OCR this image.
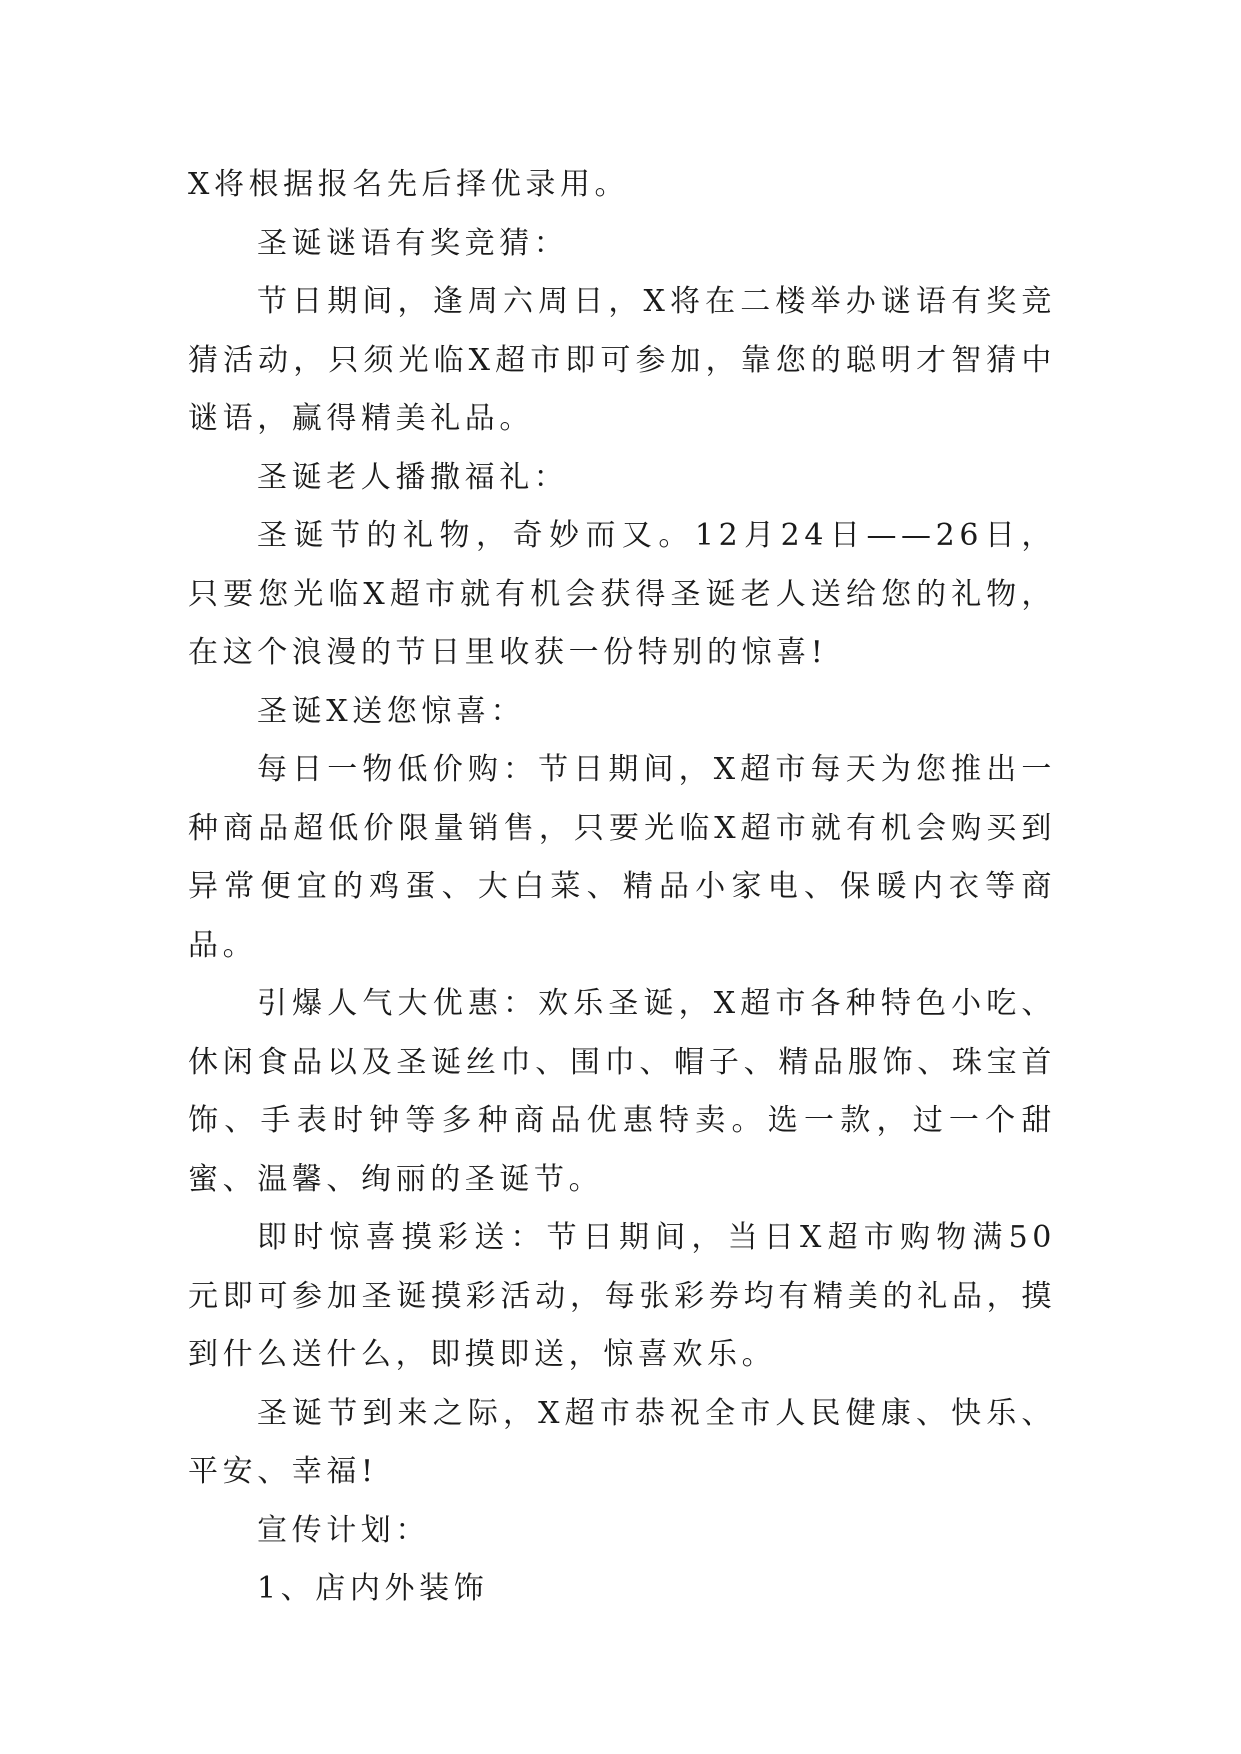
X将根据报名先后择优录用。

圣诞谜语有奖竞猜：

节日期间，逢周六周日，X将在二楼举办谜语有奖竞猜活动，只须光临X超市即可参加，靠您的聪明才智猜中谜语，赢得精美礼品。

圣诞老人播撒福礼：

圣诞节的礼物，奇妙而又。12月24日——26日，只要您光临X超市就有机会获得圣诞老人送给您的礼物，在这个浪漫的节日里收获一份特别的惊喜!

圣诞X送您惊喜：

每日一物低价购：节日期间，X超市每天为您推出一种商品超低价限量销售，只要光临X超市就有机会购买到异常便宜的鸡蛋、大白菜、精品小家电、保暖内衣等商品。

引爆人气大优惠：欢乐圣诞，X超市各种特色小吃、休闲食品以及圣诞丝巾、围巾、帽子、精品服饰、珠宝首饰、手表时钟等多种商品优惠特卖。选一款，过一个甜蜜、温馨、绚丽的圣诞节。

即时惊喜摸彩送：节日期间，当日X超市购物满50元即可参加圣诞摸彩活动，每张彩券均有精美的礼品，摸到什么送什么，即摸即送，惊喜欢乐。

圣诞节到来之际，X超市恭祝全市人民健康、快乐、平安、幸福!

宣传计划：

1、店内外装饰
